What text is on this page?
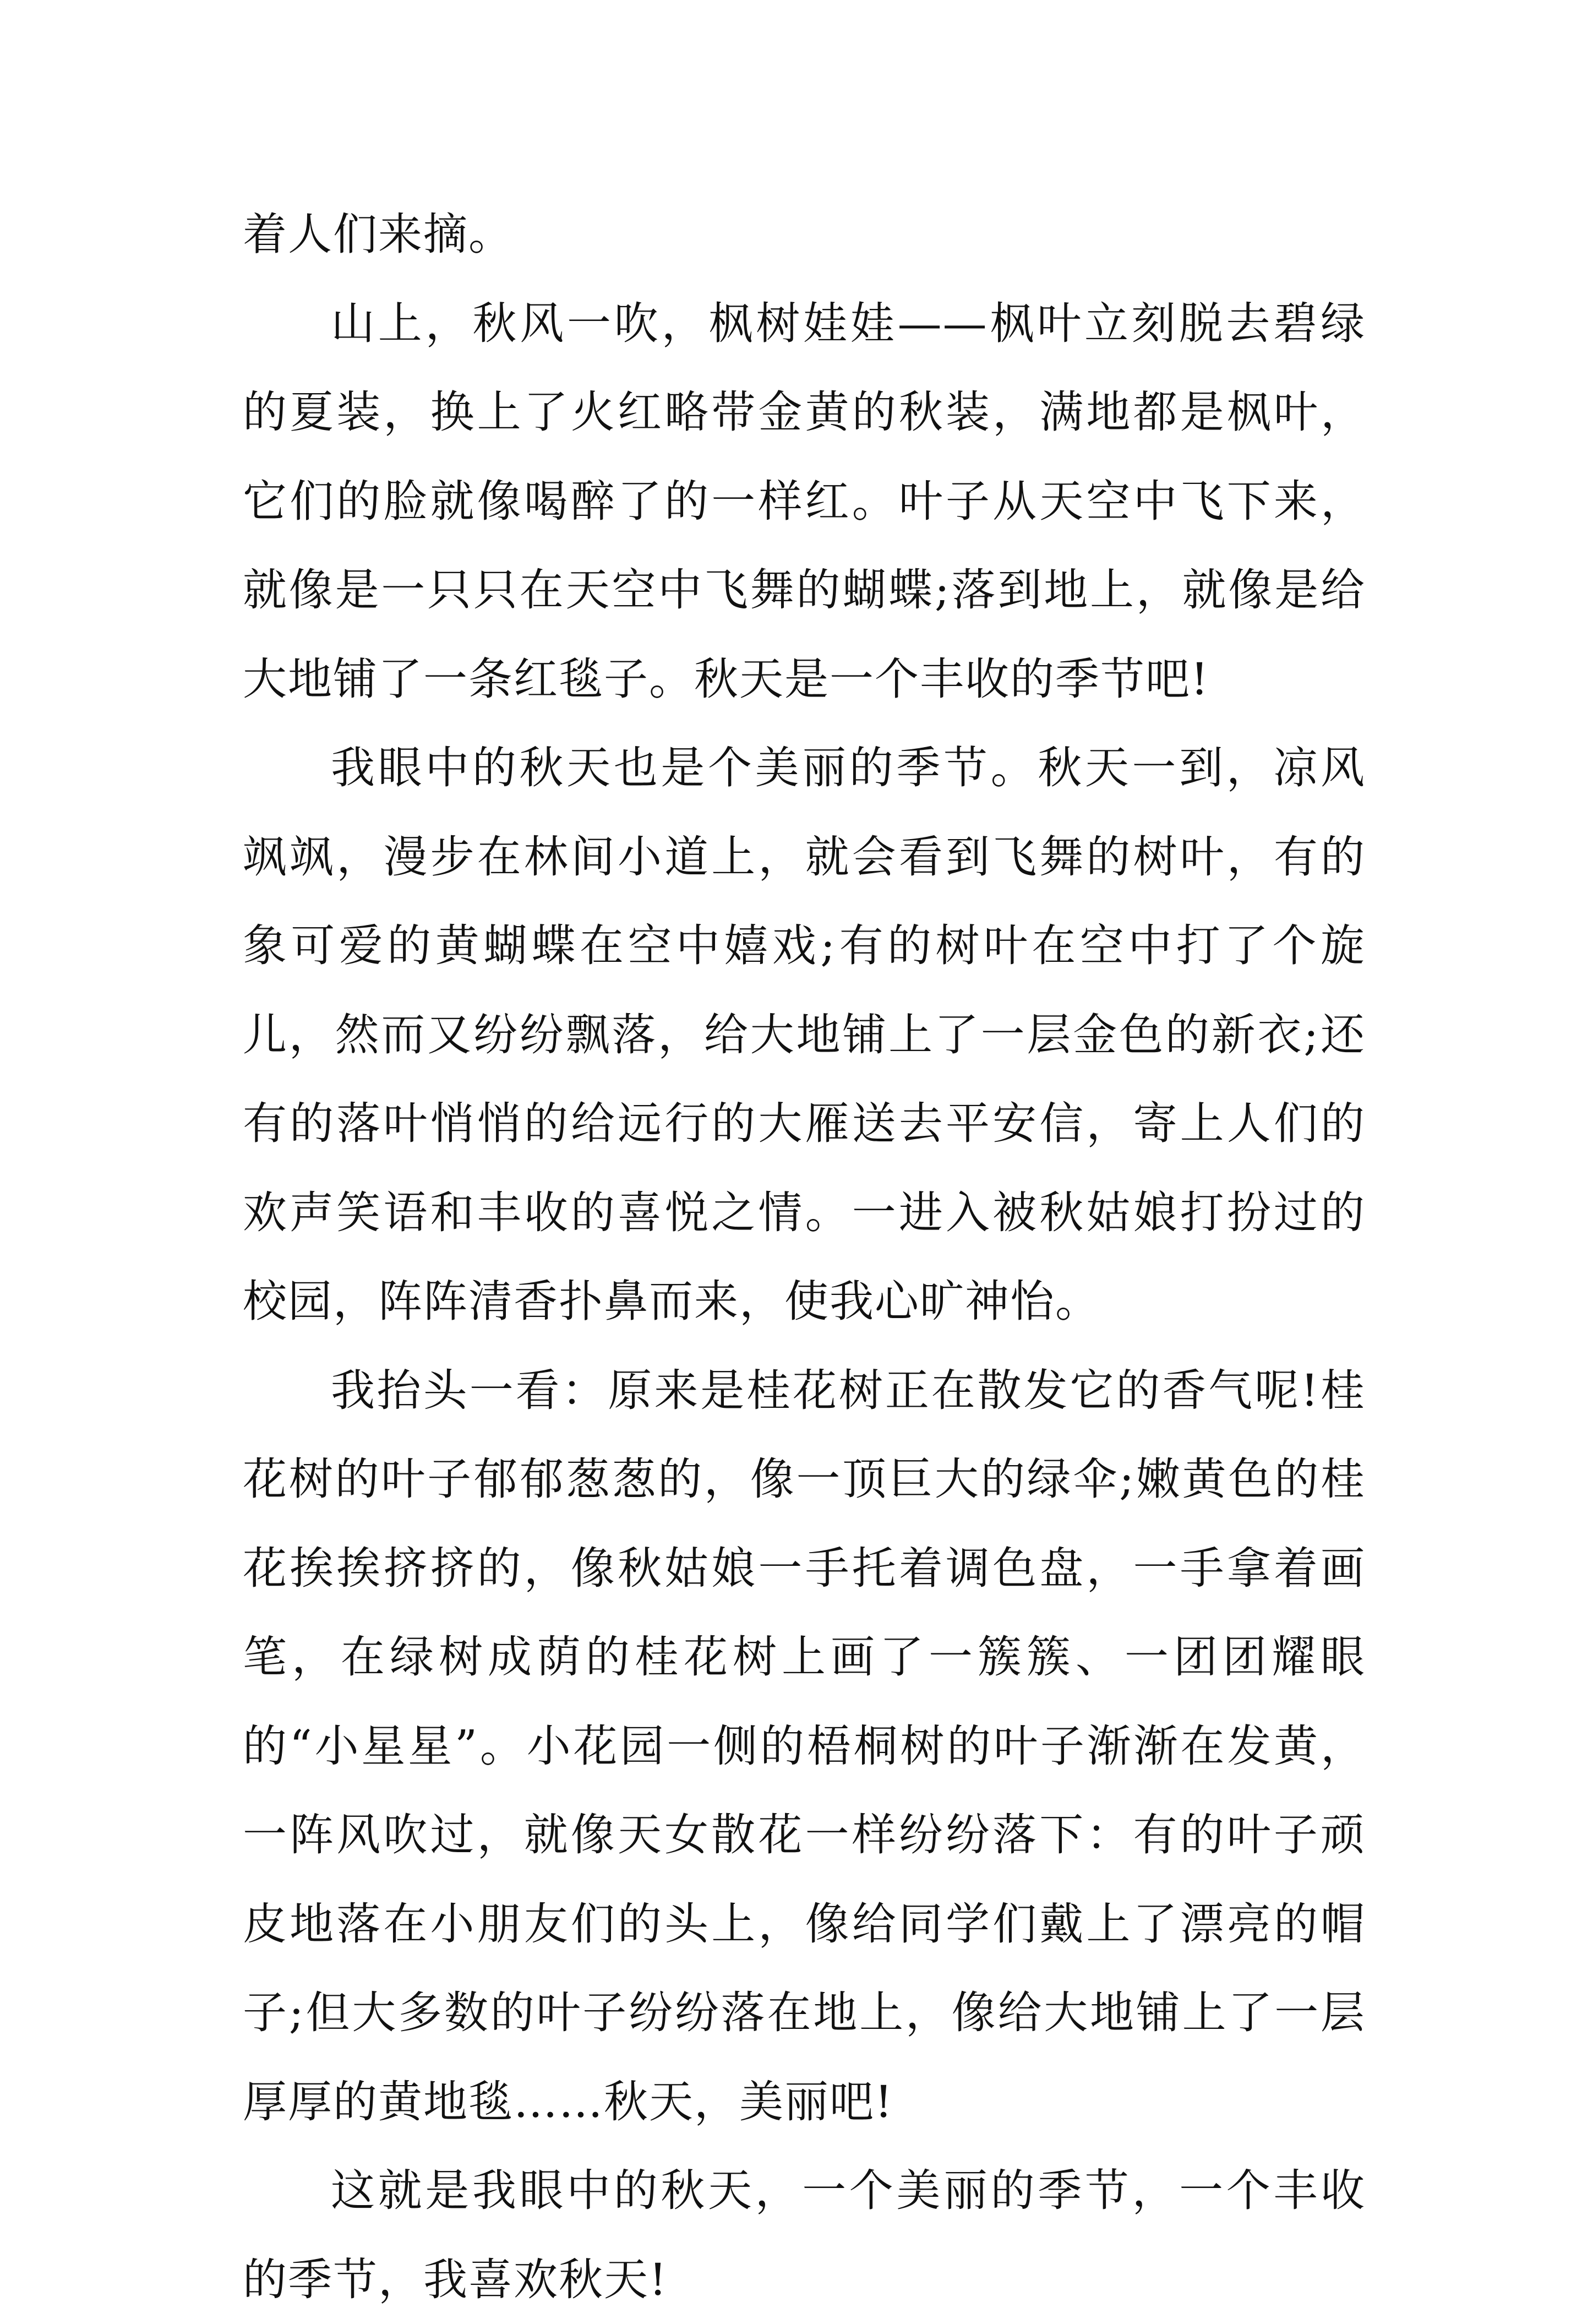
着人们来摘。

山上，秋风一吹，枫树娃娃——枫叶立刻脱去碧绿的夏装，换上了火红略带金黄的秋装，满地都是枫叶，它们的脸就像喝醉了的一样红。叶子从天空中飞下来，就像是一只只在天空中飞舞的蝴蝶;落到地上，就像是给大地铺了一条红毯子。秋天是一个丰收的季节吧!

我眼中的秋天也是个美丽的季节。秋天一到，凉风飒飒，漫步在林间小道上，就会看到飞舞的树叶，有的象可爱的黄蝴蝶在空中嬉戏;有的树叶在空中打了个旋儿，然而又纷纷飘落，给大地铺上了一层金色的新衣;还有的落叶悄悄的给远行的大雁送去平安信，寄上人们的欢声笑语和丰收的喜悦之情。一进入被秋姑娘打扮过的校园，阵阵清香扑鼻而来，使我心旷神怡。

我抬头一看：原来是桂花树正在散发它的香气呢!桂花树的叶子郁郁葱葱的，像一顶巨大的绿伞;嫩黄色的桂花挨挨挤挤的，像秋姑娘一手托着调色盘，一手拿着画笔，在绿树成荫的桂花树上画了一簇簇、一团团耀眼的“小星星”。小花园一侧的梧桐树的叶子渐渐在发黄，一阵风吹过，就像天女散花一样纷纷落下：有的叶子顽皮地落在小朋友们的头上，像给同学们戴上了漂亮的帽子;但大多数的叶子纷纷落在地上，像给大地铺上了一层厚厚的黄地毯……秋天，美丽吧!

这就是我眼中的秋天，一个美丽的季节，一个丰收的季节，我喜欢秋天!
